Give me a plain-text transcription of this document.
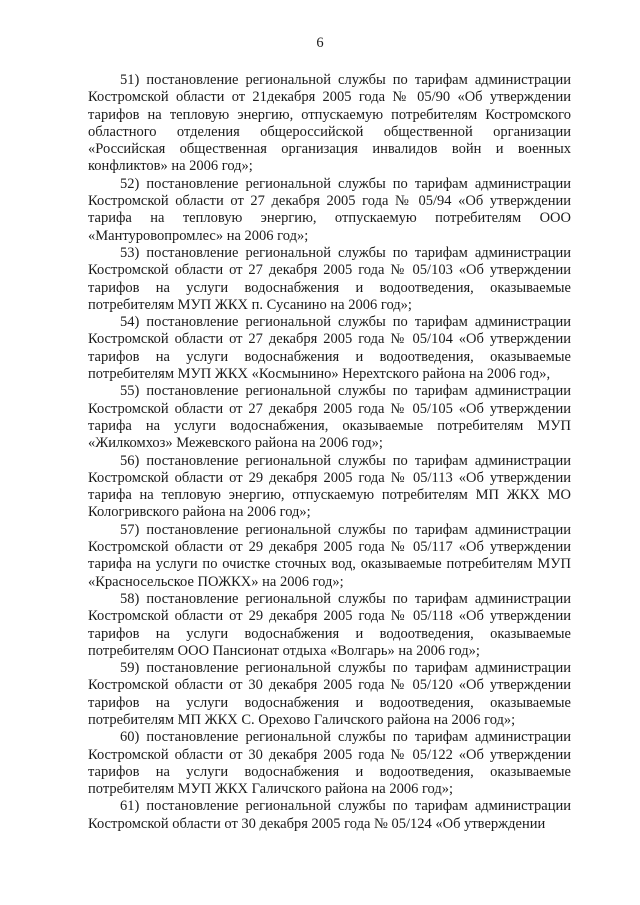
6

51) постановление региональной службы по тарифам администрации Костромской области от 21декабря 2005 года № 05/90 «Об утверждении тарифов на тепловую энергию, отпускаемую потребителям Костромского областного отделения общероссийской общественной организации «Российская общественная организация инвалидов войн и военных конфликтов» на 2006 год»;

52) постановление региональной службы по тарифам администрации Костромской области от 27 декабря 2005 года № 05/94 «Об утверждении тарифа на тепловую энергию, отпускаемую потребителям ООО «Мантуровопромлес» на 2006 год»;

53) постановление региональной службы по тарифам администрации Костромской области от 27 декабря 2005 года № 05/103 «Об утверждении тарифов на услуги водоснабжения и водоотведения, оказываемые потребителям МУП ЖКХ п. Сусанино на 2006 год»;

54) постановление региональной службы по тарифам администрации Костромской области от 27 декабря 2005 года № 05/104 «Об утверждении тарифов на услуги водоснабжения и водоотведения, оказываемые потребителям МУП ЖКХ «Космынино» Нерехтского района на 2006 год»,

55) постановление региональной службы по тарифам администрации Костромской области от 27 декабря 2005 года № 05/105 «Об утверждении тарифа на услуги водоснабжения, оказываемые потребителям МУП «Жилкомхоз» Межевского района на 2006 год»;

56) постановление региональной службы по тарифам администрации Костромской области от 29 декабря 2005 года № 05/113 «Об утверждении тарифа на тепловую энергию, отпускаемую потребителям МП ЖКХ МО Кологривского района на 2006 год»;

57) постановление региональной службы по тарифам администрации Костромской области от 29 декабря 2005 года № 05/117 «Об утверждении тарифа на услуги по очистке сточных вод, оказываемые потребителям МУП «Красносельское ПОЖКХ» на 2006 год»;

58) постановление региональной службы по тарифам администрации Костромской области от 29 декабря 2005 года № 05/118 «Об утверждении тарифов на услуги водоснабжения и водоотведения, оказываемые потребителям ООО Пансионат отдыха «Волгарь» на 2006 год»;

59) постановление региональной службы по тарифам администрации Костромской области от 30 декабря 2005 года № 05/120 «Об утверждении тарифов на услуги водоснабжения и водоотведения, оказываемые потребителям МП ЖКХ С. Орехово Галичского района на 2006 год»;

60) постановление региональной службы по тарифам администрации Костромской области от 30 декабря 2005 года № 05/122 «Об утверждении тарифов на услуги водоснабжения и водоотведения, оказываемые потребителям МУП ЖКХ Галичского района на 2006 год»;

61) постановление региональной службы по тарифам администрации Костромской области от 30 декабря 2005 года № 05/124 «Об утверждении
